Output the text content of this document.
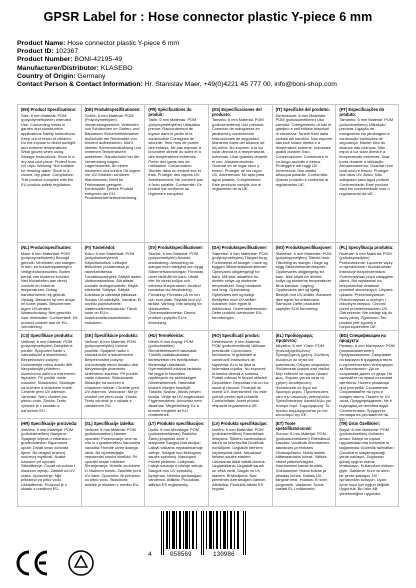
GPSR Label for : Hose connector plastic Y-piece 6 mm
Product Name: Hose connector plastic Y-piece 6 mm
Product ID: 102367
Product Number: BONI-42195-49
Manufacturer/Distributor: KLASEBO
Country of Origin: Germany
Contact Person & Contact Information: Hr. Stanislav Maer, +49(0)4221 45 777 00, info@boni-shop.com
(EN) Product Specifications:
Size: 6 mm Material: POM (polyoxymethylene) Intended Use: Connecting hoses in garden and construction applications Safety Instructions: Keep out of reach of children. Do not expose to direct sunlight and extreme temperatures. Wear gloves when using. Storage Instructions: Store in a dry and cool place. Protect from UV rays. Warning: Not suitable for drinking water. Store in a closed, dry place. Compliance: This product complies with the EU product safety regulation.
(DE) Produktspezifikationen:
Größe: 6 mm Material: POM (Polyoxymethylen) Verwendungszweck: Verbinden von Schläuchen im Garten- und Bauwesen Sicherheitshinweise: Außerhalb der Reichweite von Kindern aufbewahren. Nicht direkter Sonneneinstrahlung und extremen Temperaturen aussetzen. Handschuhe bei der Verwendung tragen. Lagerhinweise: An einem trockenen und kühlen Ort lagern. Vor UV-Strahlen schützen. Warnhinweis: Nicht für Trinkwasser geeignet. Konformität: Dieses Produkt entspricht der EU-Produktsicherheitsverordnung.
(FR) Spécifications du produit:
Taille: 6 mm Matériau: POM (polyoxyméthylène) Utilisation prévue: Raccordement de tuyaux dans le jardin et la construction Consignes de sécurité: Tenir hors de portée des enfants. Ne pas exposer à la lumière directe du soleil et à des températures extrêmes. Porter des gants lors de l'utilisation. Conservation: Stocker dans un endroit sec et frais. Protéger des rayons UV. Avertissement: Ne convient pas à l'eau potable. Conformité: Ce produit est conforme au règlement européen.
(ES) Especificaciones del producto:
Tamaño: 6 mm Material: POM (polioximetileno) Uso previsto: Conexión de mangueras en jardinería y construcción Instrucciones de seguridad: Mantener fuera del alcance de los niños. No exponer a la luz solar directa ni a temperaturas extremas. Usar guantes durante el uso. Almacenamiento: Guardar en un lugar seco y fresco. Proteger de los rayos UV. Advertencia: No apto para agua potable. Cumplimiento: Este producto cumple con el reglamento de la UE.
(IT) Specifiche del prodotto:
Dimensione: 6 mm Materiale: POM (poliossimetilene) Uso previsto: Collegamento di tubi in giardino e nell'edilizia Istruzioni di sicurezza: Tenere fuori dalla portata dei bambini. Non esporre alla luce solare diretta e a temperature estreme. Indossare guanti durante l'uso. Conservazione: Conservare in un luogo asciutto e fresco. Proteggere dai raggi UV. Avvertenza: Non adatto all'acqua potabile. Conformità: Questo prodotto è conforme al regolamento UE.
(PT) Especificações do produto:
Tamanho: 6 mm Material: POM (polioximetileno) Utilização prevista: Ligação de mangueiras em jardinagem e construção Instruções de segurança: Manter fora do alcance das crianças. Não expor à luz solar direta e a temperaturas extremas. Usar luvas durante a utilização. Armazenamento: Guardar num local seco e fresco. Proteger dos raios UV. Aviso: Não adequado para água potável. Conformidade: Este produto está em conformidade com o regulamento da UE.
(NL) Productspecificaties:
Maat: 6 mm Materiaal: POM (polyoxymethyleen) Beoogd gebruik: Verbinden van slangen in tuin- en bouwtoepassingen Veiligheidsinstructies: Buiten bereik van kinderen houden. Niet blootstellen aan direct zonlicht en extreme temperaturen. Draag handschoenen bij gebruik. Opslag: Bewaren op een droge en koele plaats. Beschermen tegen UV-stralen. Waarschuwing: Niet geschikt voor drinkwater. Conformiteit: Dit product voldoet aan de EU-verordening.
(FI) Tuotetiedot:
Koko: 6 mm Materiaali: POM (polyoksimetyleeni) Käyttötarkoitus: Letkujen liittäminen puutarhassa ja rakentamisessa Turvallisuusohjeet: Säilytä lasten ulottumattomissa. Älä altista suoralle auringonvalolle. Käytä käsineitä. Säilytys: Säilytä kuivassa ja viileässä paikassa. Suojaa UV-säteilyltä. Varoitus: Ei sovellu juomavedelle. Vaatimustenmukaisuus: Tämä tuote on EU:n tuoteturvallisuusasetuksen mukainen.
(SV) Produktspecifikationer:
Storlek: 6 mm Material: POM (polyoximetylen) Avsedd användning: Anslutning av slangar inom trädgård och bygg Säkerhetsanvisningar: Förvaras utom räckhåll för barn. Utsätt inte för direkt solljus och extrema temperaturer. Använd handskar vid användning. Förvaring: Förvaras på en torr och sval plats. Skydda mot UV-strålar. Varning: Inte lämplig för dricksvatten. Överensstämmelse: Denna produkt uppfyller EU:s förordning.
(DA) Produktspecifikationer:
Størrelse: 6 mm Materiale: POM (polyoxymethylen) Tilsigtet brug: Forbindelse af slanger i have og byggeri Sikkerhedsinstruktioner: Opbevares utilgængeligt for børn. Må ikke udsættes for direkte sollys og ekstreme temperaturer. Brug handsker ved brug. Opbevaring: Opbevares tørt og køligt. Beskyttes mod UV-stråler. Advarsel: Ikke egnet til drikkevand. Overensstemmelse: Dette produkt overholder EU-forordningen.
(NO) Produktspesifikasjoner:
Størrelse: 6 mm Materiale: POM (polyoksymetylen) Tiltenkt bruk: Tilkobling av slanger i hage og bygg Sikkerhetsinstruksjoner: Oppbevares utilgjengelig for barn. Ikke utsett for direkte sollys og ekstreme temperaturer. Bruk hansker. Lagring: Oppbevares tørt og kjølig. Beskytt mot UV-stråler. Advarsel: Ikke egnet for drikkevann. Samsvar: Dette produktet oppfyller EUs forordning.
(PL) Specyfikacja produktu:
Rozmiar: 6 mm Materiał: POM (polioksymetylen) Przeznaczenie: Łączenie węży w ogrodnictwie i budownictwie Instrukcje bezpieczeństwa: Przechowywać poza zasięgiem dzieci. Nie wystawiać na bezpośrednie działanie promieni słonecznych. Używać rękawic. Przechowywanie: Przechowywać w suchym i chłodnym miejscu. Chronić przed promieniowaniem UV. Ostrzeżenie: Nie nadaje się do wody pitnej. Zgodność: Ten produkt jest zgodny z rozporządzeniem UE.
(CS) Specifikace produktu:
Velikost: 6 mm Materiál: POM (polyoxymethylen) Zamýšlené použití: Spojování hadic v zahradnictví a stavebnictví Bezpečnostní pokyny: Uchovávejte mimo dosah dětí. Nevystavujte přímému slunečnímu záření a extrémním teplotám. Při použití noste rukavice. Skladování: Skladujte na suchém a chladném místě. Chraňte před UV zářením. Varování: Není vhodné pro pitnou vodu. Shoda: Tento výrobek je v souladu s nařízením EU.
(SK) Špecifikácie produktu:
Veľkosť: 6 mm Materiál: POM (polyoxymetylén) Určené použitie: Spájanie hadíc v záhradníctve a stavebníctve Bezpečnostné pokyny: Uchovávajte mimo dosahu detí. Nevystavujte priamemu slnečnému žiareniu. Pri použití noste rukavice. Skladovanie: Skladujte na suchom a chladnom mieste. Chráňte pred UV žiarením. Varovanie: Nie je vhodné pre pitnú vodu. Zhoda: Tento výrobok je v súlade s nariadením EÚ.
(HU) Termékleírás:
Méret: 6 mm Anyag: POM (polioximetilén) Rendeltetésszerű használat: Tömlők csatlakoztatása kertészetben és építőiparban Biztonsági utasítások: Gyermekektől elzárva tartandó. Ne tegye ki közvetlen napfénynek és szélsőséges hőmérsékletnek. Használat közben viseljen kesztyűt. Tárolás: Száraz, hűvös helyen tárolja. Védje az UV-sugárzástól. Figyelmeztetés: Ivóvízhez nem alkalmas. Megfelelőség: Ez a termék megfelel az EU rendeletnek.
(RO) Specificații produs:
Dimensiune: 6 mm Material: POM (polioximetilenă) Utilizare prevăzută: Conectarea furtunurilor în grădinărit și construcții Instrucțiuni de siguranță: A nu se lăsa la îndemâna copiilor. Nu expuneți la lumina directă a soarelui. Purtați mănuși în timpul utilizării. Depozitare: Depozitați într-un loc uscat și răcoros. Protejați de razele UV. Avertisment: Nu este potrivit pentru apă potabilă. Conformitate: Acest produs respectă regulamentul UE.
(EL) Προδιαγραφές προϊόντος:
Μέγεθος: 6 mm Υλικό: POM (πολυοξυμεθυλένιο) Προοριζόμενη χρήση: Σύνδεση σωλήνων σε κήπο και κατασκευές Οδηγίες ασφαλείας: Φυλάσσεται μακριά από παιδιά. Μην εκθέτετε σε άμεσο ηλιακό φως. Φοράτε γάντια κατά τη χρήση. Αποθήκευση: Φυλάσσεται σε ξηρό και δροσερό μέρος. Προστατεύστε από την υπεριώδη ακτινοβολία. Προειδοποίηση: Ακατάλληλο για πόσιμο νερό. Συμμόρφωση: Το προϊόν συμμορφώνεται με τον κανονισμό της ΕΕ.
(BG) Спецификации на продукта:
Размер: 6 mm Материал: POM (полиоксиметилен) Предназначение: Свързване на маркучи в градинарството и строителството Инструкции за безопасност: Да се съхранява далеч от деца. Не излагайте на пряка слънчева светлина. Носете ръкавици при употреба. Съхранение: Съхранявайте на сухо и хладно място. Пазете от UV лъчи. Предупреждение: Не е подходящ за питейна вода. Съответствие: Продуктът отговаря на регламента на ЕС.
(HR) Specifikacije proizvoda:
Veličina: 6 mm Materijal: POM (polioksimetilen) Namjena: Spajanje crijeva u vrtlarstvu i građevinarstvu Sigurnosne upute: Držati izvan dohvata djece. Ne izlagati izravnoj sunčevoj svjetlosti. Nosite rukavice pri uporabi. Skladištenje: Čuvati na suhom i hladnom mjestu. Zaštititi od UV zraka. Upozorenje: Nije prikladno za pitku vodu. Usklađenost: Proizvod je u skladu s uredbom EU.
(SL) Specifikacije izdelka:
Velikost: 6 mm Material: POM (polioksimetilen) Namen uporabe: Povezovanje cevi na vrtu in v gradbeništvu Varnostna navodila: Hranite izven dosega otrok. Ne izpostavljajte neposredni sončni svetlobi. Pri uporabi nosite rokavice. Shranjevanje: Hranite na suhem in hladnem mestu. Zaščitite pred UV žarki. Opozorilo: Ni primerno za pitno vodo. Skladnost: Izdelek je skladen z uredbo EU.
(LT) Produkto specifikacijos:
Dydis: 6 mm Medžiaga: POM (polioksimetilenas) Paskirtis: Žarnų jungimas sode ir statybose Saugos instrukcijos: Laikyti vaikams nepasiekiamoje vietoje. Saugoti nuo tiesioginių saulės spindulių. Naudojant mūvėti pirštines. Laikymas: Laikyti sausoje ir vėsioje vietoje. Saugoti nuo UV spindulių. Įspėjimas: Netinka geriamajam vandeniui. Atitiktis: Produktas atitinka ES reglamentą.
(LV) Produkta specifikācijas:
Izmērs: 6 mm Materiāls: POM (polioksimetilēns) Paredzētais lietojums: Šļūteņu savienošana dārzā un būvniecībā Drošības norādījumi: Uzglabāt bērniem nepieejamā vietā. Nepakļaut tiešiem saules stariem. Lietošanas laikā valkāt cimdus. Uzglabāšana: Uzglabāt sausā un vēsā vietā. Sargāt no UV stariem. Brīdinājums: Nav piemērots dzeramajam ūdenim. Atbilstība: Produkts atbilst ES regulai.
(ET) Toote spetsifikatsioonid:
Suurus: 6 mm Materjal: POM (polüoksümetüleen) Ettenähtud kasutus: Voolikute ühendamine aianduses ja ehituses Ohutusjuhised: Hoida lastele kättesaamatus kohas. Vältida otsest päikesevalgust. Kasutamisel kanda kindaid. Hoiustamine: Hoida kuivas ja jahedas kohas. Kaitsta UV-kiirguse eest. Hoiatus: Ei sobi joogiveele. Vastavus: Toode vastab EL-i määrusele.
(TR) Ürün Özellikleri:
Boyut: 6 mm Malzeme: POM (polioksimetilen) Kullanım amacı: Bahçe ve inşaat uygulamalarında hortumların bağlanması Güvenlik talimatları: Çocukların ulaşamayacağı yerde saklayın. Doğrudan güneş ışığına maruz bırakmayın. Kullanırken eldiven giyin. Saklama: Kuru ve serin bir yerde saklayın. UV ışınlarından koruyun. Uyarı: İçme suyu için uygun değildir. Uygunluk: Bu ürün AB yönetmeliğine uygundur.
4	058569	130986
